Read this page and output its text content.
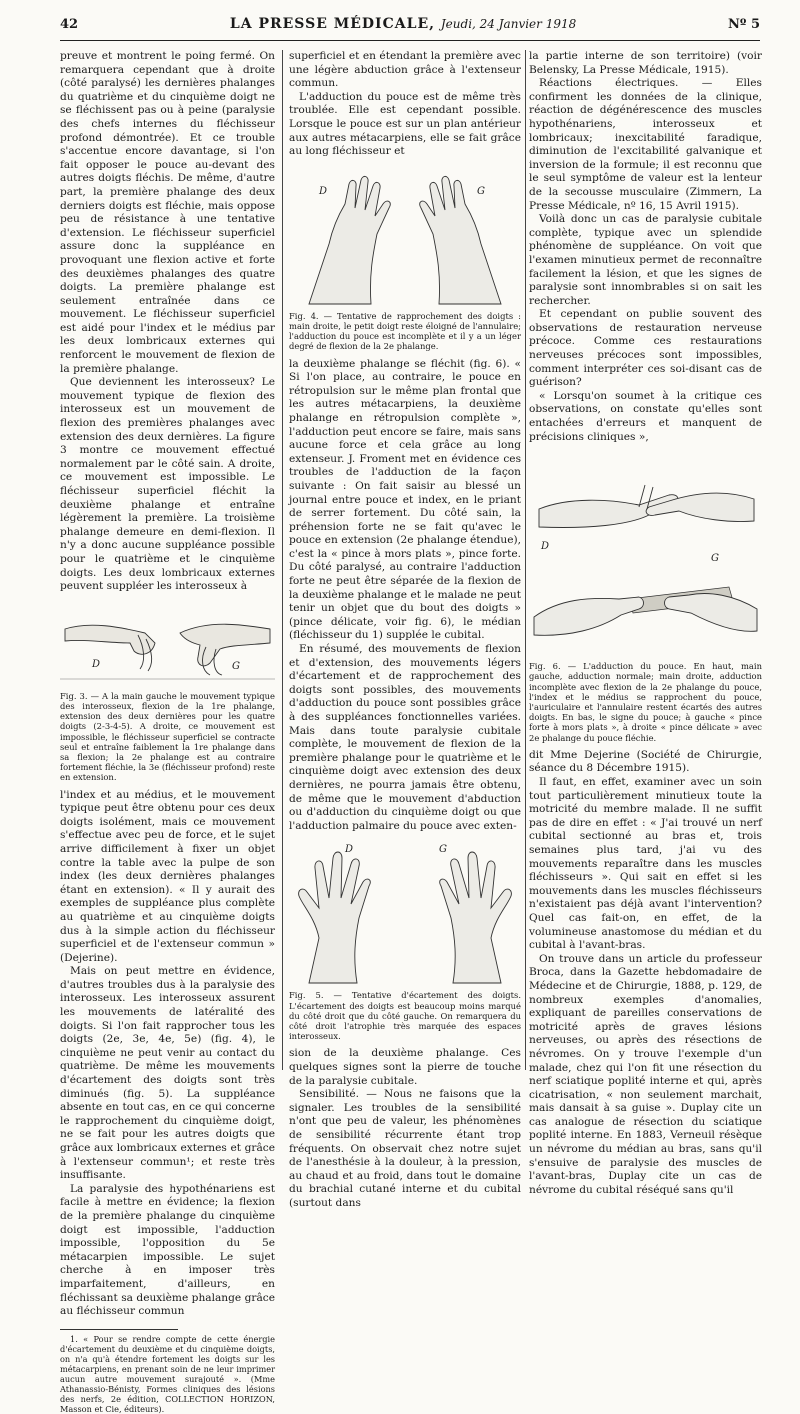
42	LA PRESSE MÉDICALE, Jeudi, 24 Janvier 1918	Nº 5

preuve et montrent le poing fermé. On remarquera cependant que à droite (côté paralysé) les dernières phalanges du quatrième et du cinquième doigt ne se fléchissent pas ou à peine (paralysie des chefs internes du fléchisseur profond démontrée). Et ce trouble s'accentue encore davantage, si l'on fait opposer le pouce au-devant des autres doigts fléchis. De même, d'autre part, la première phalange des deux derniers doigts est fléchie, mais oppose peu de résistance à une tentative d'extension. Le fléchisseur superficiel assure donc la suppléance en provoquant une flexion active et forte des deuxièmes phalanges des quatre doigts. La première phalange est seulement entraînée dans ce mouvement. Le fléchisseur superficiel est aidé pour l'index et le médius par les deux lombricaux externes qui renforcent le mouvement de flexion de la première phalange.

Que deviennent les interosseux? Le mouvement typique de flexion des interosseux est un mouvement de flexion des premières phalanges avec extension des deux dernières. La figure 3 montre ce mouvement effectué normalement par le côté sain. A droite, ce mouvement est impossible. Le fléchisseur superficiel fléchit la deuxième phalange et entraîne légèrement la première. La troisième phalange demeure en demi-flexion. Il n'y a donc aucune suppléance possible pour le quatrième et le cinquième doigts. Les deux lombricaux externes peuvent suppléer les interosseux à

D	G
Fig. 3. — A la main gauche le mouvement typique des interosseux, flexion de la 1re phalange, extension des deux dernières pour les quatre doigts (2-3-4-5). A droite, ce mouvement est impossible, le fléchisseur superficiel se contracte seul et entraîne faiblement la 1re phalange dans sa flexion; la 2e phalange est au contraire fortement fléchie, la 3e (fléchisseur profond) reste en extension.

l'index et au médius, et le mouvement typique peut être obtenu pour ces deux doigts isolément, mais ce mouvement s'effectue avec peu de force, et le sujet arrive difficilement à fixer un objet contre la table avec la pulpe de son index (les deux dernières phalanges étant en extension). « Il y aurait des exemples de suppléance plus complète au quatrième et au cinquième doigts dus à la simple action du fléchisseur superficiel et de l'extenseur commun » (Dejerine).

Mais on peut mettre en évidence, d'autres troubles dus à la paralysie des interosseux. Les interosseux assurent les mouvements de latéralité des doigts. Si l'on fait rapprocher tous les doigts (2e, 3e, 4e, 5e) (fig. 4), le cinquième ne peut venir au contact du quatrième. De même les mouvements d'écartement des doigts sont très diminués (fig. 5). La suppléance absente en tout cas, en ce qui concerne le rapprochement du cinquième doigt, ne se fait pour les autres doigts que grâce aux lombricaux externes et grâce à l'extenseur commun¹; et reste très insuffisante.

La paralysie des hypothénariens est facile à mettre en évidence; la flexion de la première phalange du cinquième doigt est impossible, l'adduction impossible, l'opposition du 5e métacarpien impossible. Le sujet cherche à en imposer très imparfaitement, d'ailleurs, en fléchissant sa deuxième phalange grâce au fléchisseur commun

1. « Pour se rendre compte de cette énergie d'écartement du deuxième et du cinquième doigts, on n'a qu'à étendre fortement les doigts sur les métacarpiens, en prenant soin de ne leur imprimer aucun autre mouvement surajouté ». (Mme Athanassio-Bénisty, Formes cliniques des lésions des nerfs, 2e édition, COLLECTION HORIZON, Masson et Cie, éditeurs).

superficiel et en étendant la première avec une légère abduction grâce à l'extenseur commun.

L'adduction du pouce est de même très troublée. Elle est cependant possible. Lorsque le pouce est sur un plan antérieur aux autres métacarpiens, elle se fait grâce au long fléchisseur et

D	G
Fig. 4. — Tentative de rapprochement des doigts : main droite, le petit doigt reste éloigné de l'annulaire; l'adduction du pouce est incomplète et il y a un léger degré de flexion de la 2e phalange.

la deuxième phalange se fléchit (fig. 6). « Si l'on place, au contraire, le pouce en rétropulsion sur le même plan frontal que les autres métacarpiens, la deuxième phalange en rétropulsion complète », l'adduction peut encore se faire, mais sans aucune force et cela grâce au long extenseur. J. Froment met en évidence ces troubles de l'adduction de la façon suivante : On fait saisir au blessé un journal entre pouce et index, en le priant de serrer fortement. Du côté sain, la préhension forte ne se fait qu'avec le pouce en extension (2e phalange étendue), c'est la « pince à mors plats », pince forte. Du côté paralysé, au contraire l'adduction forte ne peut être séparée de la flexion de la deuxième phalange et le malade ne peut tenir un objet que du bout des doigts » (pince délicate, voir fig. 6), le médian (fléchisseur du 1) supplée le cubital.

En résumé, des mouvements de flexion et d'extension, des mouvements légers d'écartement et de rapprochement des doigts sont possibles, des mouvements d'adduction du pouce sont possibles grâce à des suppléances fonctionnelles variées. Mais dans toute paralysie cubitale complète, le mouvement de flexion de la première phalange pour le quatrième et le cinquième doigt avec extension des deux dernières, ne pourra jamais être obtenu, de même que le mouvement d'abduction ou d'adduction du cinquième doigt ou que l'adduction palmaire du pouce avec exten-

D	G
Fig. 5. — Tentative d'écartement des doigts. L'écartement des doigts est beaucoup moins marqué du côté droit que du côté gauche. On remarquera du côté droit l'atrophie très marquée des espaces interosseux.

sion de la deuxième phalange. Ces quelques signes sont la pierre de touche de la paralysie cubitale.

Sensibilité. — Nous ne faisons que la signaler. Les troubles de la sensibilité n'ont que peu de valeur, les phénomènes de sensibilité récurrente étant trop fréquents. On observait chez notre sujet de l'anesthésie à la douleur, à la pression, au chaud et au froid, dans tout le domaine du brachial cutané interne et du cubital (surtout dans

la partie interne de son territoire) (voir Belensky, La Presse Médicale, 1915).

Réactions électriques. — Elles confirment les données de la clinique, réaction de dégénérescence des muscles hypothénariens, interosseux et lombricaux; inexcitabilité faradique, diminution de l'excitabilité galvanique et inversion de la formule; il est reconnu que le seul symptôme de valeur est la lenteur de la secousse musculaire (Zimmern, La Presse Médicale, nº 16, 15 Avril 1915).

Voilà donc un cas de paralysie cubitale complète, typique avec un splendide phénomène de suppléance. On voit que l'examen minutieux permet de reconnaître facilement la lésion, et que les signes de paralysie sont innombrables si on sait les rechercher.

Et cependant on publie souvent des observations de restauration nerveuse précoce. Comme ces restaurations nerveuses précoces sont impossibles, comment interpréter ces soi-disant cas de guérison?

« Lorsqu'on soumet à la critique ces observations, on constate qu'elles sont entachées d'erreurs et manquent de précisions cliniques »,

D
G
Fig. 6. — L'adduction du pouce. En haut, main gauche, adduction normale; main droite, adduction incomplète avec flexion de la 2e phalange du pouce, l'index et le médius se rapprochent du pouce, l'auriculaire et l'annulaire restent écartés des autres doigts. En bas, le signe du pouce; à gauche « pince forte à mors plats », à droite « pince délicate » avec 2e phalange du pouce fléchie.

dit Mme Dejerine (Société de Chirurgie, séance du 8 Décembre 1915).

Il faut, en effet, examiner avec un soin tout particulièrement minutieux toute la motricité du membre malade. Il ne suffit pas de dire en effet : « J'ai trouvé un nerf cubital sectionné au bras et, trois semaines plus tard, j'ai vu des mouvements reparaître dans les muscles fléchisseurs ». Qui sait en effet si les mouvements dans les muscles fléchisseurs n'existaient pas déjà avant l'intervention? Quel cas fait-on, en effet, de la volumineuse anastomose du médian et du cubital à l'avant-bras.

On trouve dans un article du professeur Broca, dans la Gazette hebdomadaire de Médecine et de Chirurgie, 1888, p. 129, de nombreux exemples d'anomalies, expliquant de pareilles conservations de motricité après de graves lésions nerveuses, ou après des résections de névromes. On y trouve l'exemple d'un malade, chez qui l'on fit une résection du nerf sciatique poplité interne et qui, après cicatrisation, « non seulement marchait, mais dansait à sa guise ». Duplay cite un cas analogue de résection du sciatique poplité interne. En 1883, Verneuil résèque un névrome du médian au bras, sans qu'il s'ensuive de paralysie des muscles de l'avant-bras, Duplay cite un cas de névrome du cubital réséqué sans qu'il
